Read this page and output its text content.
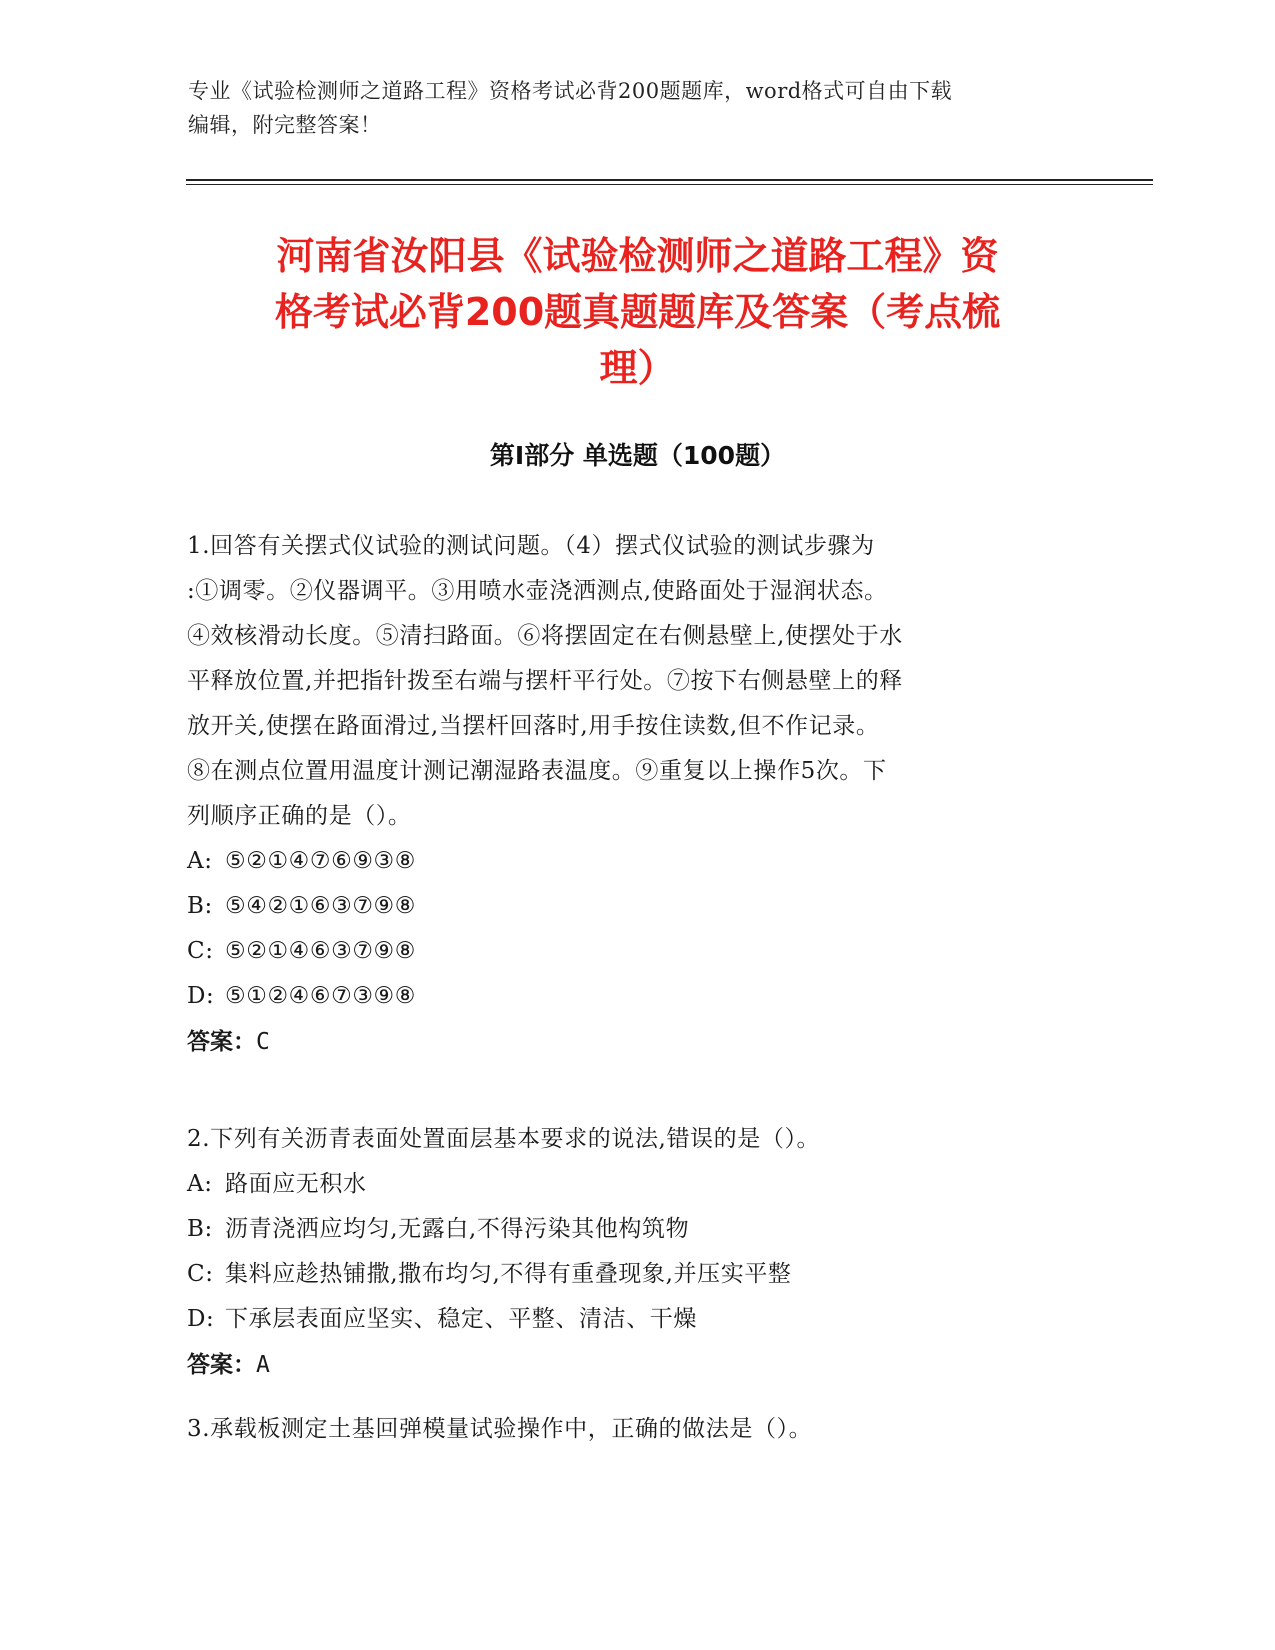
专业《试验检测师之道路工程》资格考试必背200题题库，word格式可自由下载
编辑，附完整答案！
河南省汝阳县《试验检测师之道路工程》资
格考试必背200题真题题库及答案（考点梳
理）
第Ⅰ部分 单选题（100题）
1.回答有关摆式仪试验的测试问题。（4）摆式仪试验的测试步骤为
:①调零。②仪器调平。③用喷水壶浇洒测点,使路面处于湿润状态。
④效核滑动长度。⑤清扫路面。⑥将摆固定在右侧悬壁上,使摆处于水
平释放位置,并把指针拨至右端与摆杆平行处。⑦按下右侧悬壁上的释
放开关,使摆在路面滑过,当摆杆回落时,用手按住读数,但不作记录。
⑧在测点位置用温度计测记潮湿路表温度。⑨重复以上操作5次。下
列顺序正确的是（）。
A: ⑤②①④⑦⑥⑨③⑧
B: ⑤④②①⑥③⑦⑨⑧
C: ⑤②①④⑥③⑦⑨⑧
D: ⑤①②④⑥⑦③⑨⑧
答案：C
2.下列有关沥青表面处置面层基本要求的说法,错误的是（）。
A: 路面应无积水
B: 沥青浇洒应均匀,无露白,不得污染其他构筑物
C: 集料应趁热铺撒,撒布均匀,不得有重叠现象,并压实平整
D: 下承层表面应坚实、稳定、平整、清洁、干燥
答案：A
3.承载板测定土基回弹模量试验操作中，正确的做法是（）。
